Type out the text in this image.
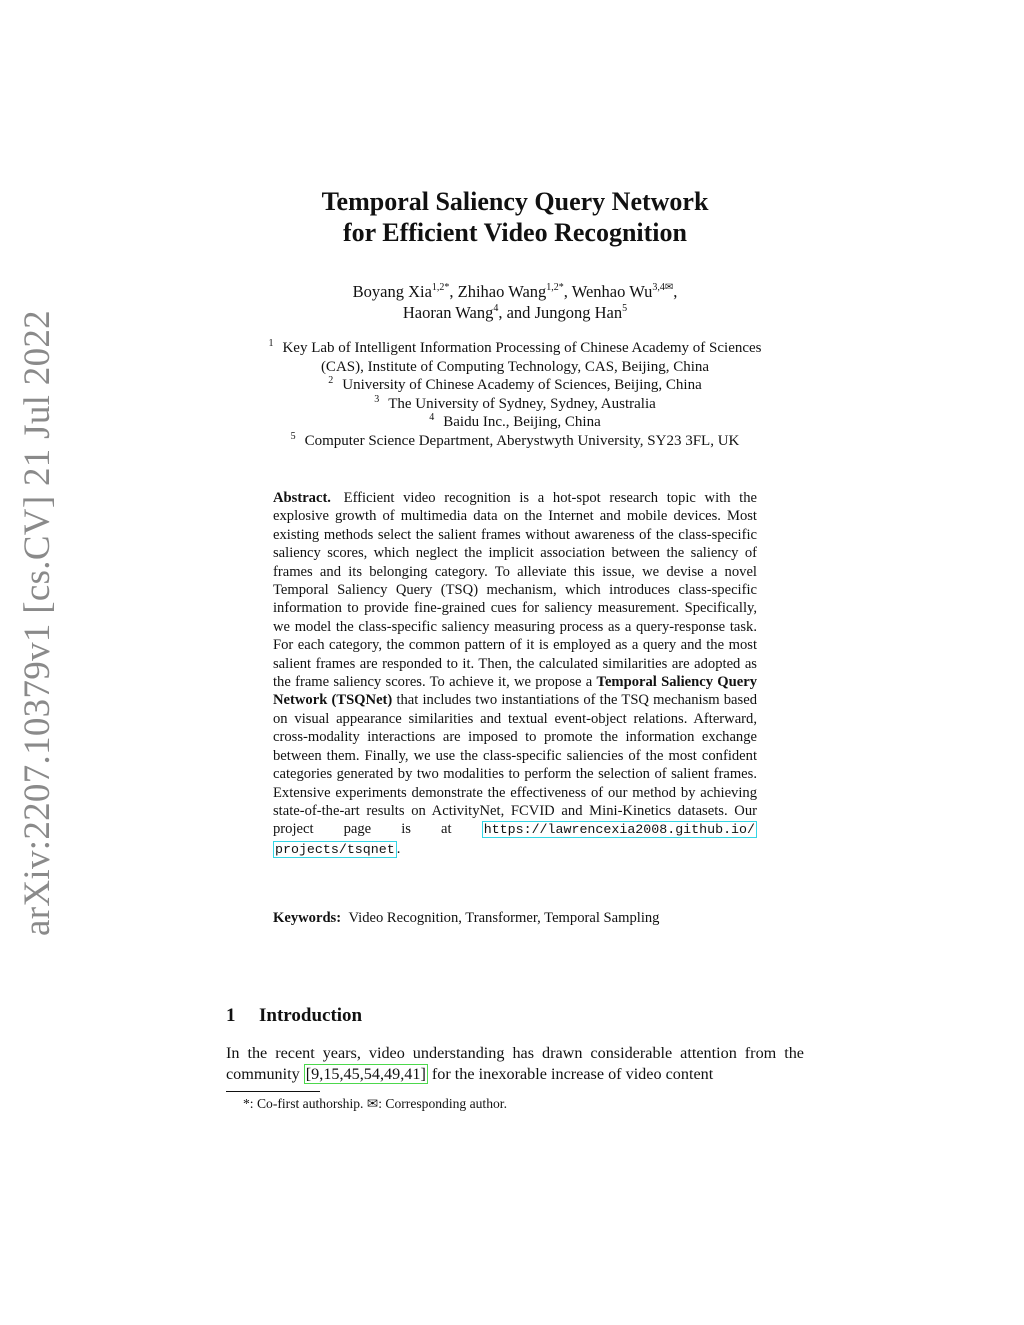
arXiv:2207.10379v1 [cs.CV] 21 Jul 2022
Temporal Saliency Query Network
for Efficient Video Recognition
Boyang Xia$^{1,2*}$, Zhihao Wang$^{1,2*}$, Wenhao $Wu^{3,4✉}$,
Haoran Wang$^4$, and Jungong Han$^5$
$^1$ Key Lab of Intelligent Information Processing of Chinese Academy of Sciences
(CAS), Institute of Computing Technology, CAS, Beijing, China
$^2$ University of Chinese Academy of Sciences, Beijing, China
$^3$ The University of Sydney, Sydney, Australia
$^4$ Baidu Inc., Beijing, China
$^5$ Computer Science Department, Aberystwyth University, SY23 3FL, UK
Abstract. Efficient video recognition is a hot-spot research topic with the explosive growth of multimedia data on the Internet and mobile devices. Most existing methods select the salient frames without awareness of the class-specific saliency scores, which neglect the implicit association between the saliency of frames and its belonging category. To alleviate this issue, we devise a novel Temporal Saliency Query (TSQ) mechanism, which introduces class-specific information to provide fine-grained cues for saliency measurement. Specifically, we model the class-specific saliency measuring process as a query-response task. For each category, the common pattern of it is employed as a query and the most salient frames are responded to it. Then, the calculated similarities are adopted as the frame saliency scores. To achieve it, we propose a Temporal Saliency Query Network (TSQNet) that includes two instantiations of the TSQ mechanism based on visual appearance similarities and textual event-object relations. Afterward, cross-modality interactions are imposed to promote the information exchange between them. Finally, we use the class-specific saliencies of the most confident categories generated by two modalities to perform the selection of salient frames. Extensive experiments demonstrate the effectiveness of our method by achieving state-of-the-art results on ActivityNet, FCVID and Mini-Kinetics datasets. Our project page is at https://lawrencexia2008.github.io/ projects/tsqnet .
Keywords: Video Recognition, Transformer, Temporal Sampling
1 Introduction
In the recent years, video understanding has drawn considerable attention from the community [9,15,45,54,49,41] for the inexorable increase of video content
*: Co-first authorship. ✉: Corresponding author.
